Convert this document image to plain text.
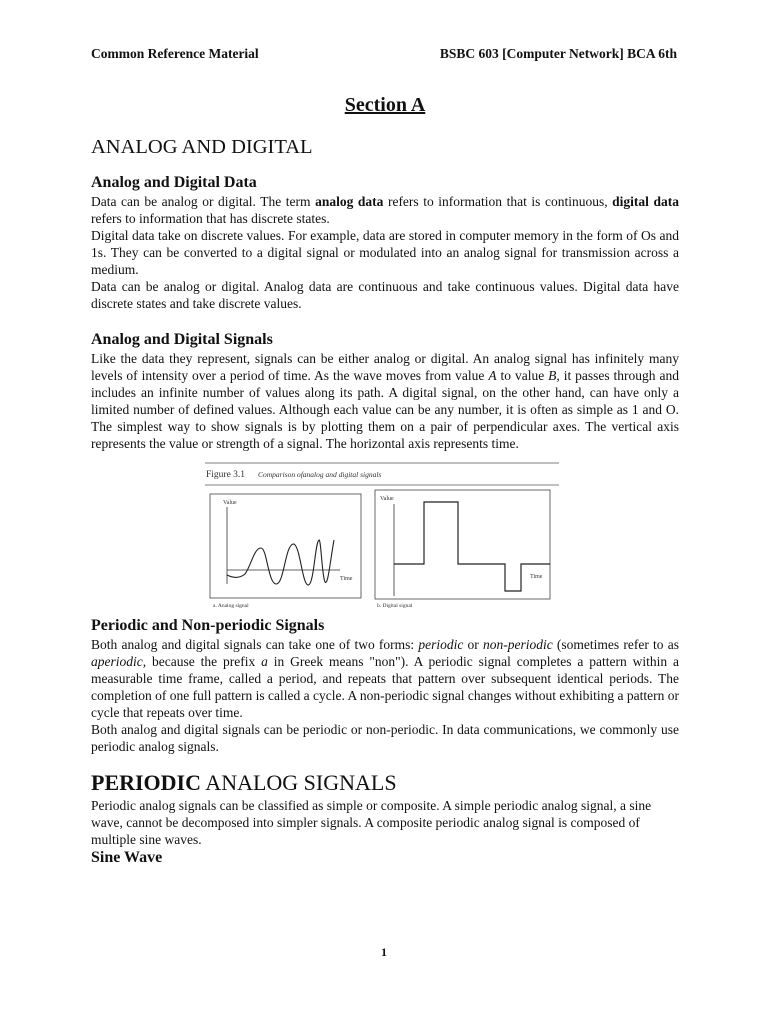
Common Reference Material	BSBC 603 [Computer Network] BCA 6th
Section A
ANALOG AND DIGITAL
Analog and Digital Data

Data can be analog or digital. The term analog data refers to information that is continuous, digital data refers to information that has discrete states.

Digital data take on discrete values. For example, data are stored in computer memory in the form of Os and 1s. They can be converted to a digital signal or modulated into an analog signal for transmission across a medium.

Data can be analog or digital. Analog data are continuous and take continuous values. Digital data have discrete states and take discrete values.

Analog and Digital Signals

Like the data they represent, signals can be either analog or digital. An analog signal has infinitely many levels of intensity over a period of time. As the wave moves from value A to value B, it passes through and includes an infinite number of values along its path. A digital signal, on the other hand, can have only a limited number of defined values. Although each value can be any number, it is often as simple as 1 and O. The simplest way to show signals is by plotting them on a pair of perpendicular axes. The vertical axis represents the value or strength of a signal. The horizontal axis represents time.

Figure 3.1 Comparison ofanalog and digital signals
Value
Time
a. Analog signal
Value
Time
b. Digital signal
Periodic and Non-periodic Signals

Both analog and digital signals can take one of two forms: periodic or non-periodic (sometimes refer to as aperiodic, because the prefix a in Greek means "non"). A periodic signal completes a pattern within a measurable time frame, called a period, and repeats that pattern over subsequent identical periods. The completion of one full pattern is called a cycle. A non-periodic signal changes without exhibiting a pattern or cycle that repeats over time.

Both analog and digital signals can be periodic or non-periodic. In data communications, we commonly use periodic analog signals.

PERIODIC ANALOG SIGNALS

Periodic analog signals can be classified as simple or composite. A simple periodic analog signal, a sine wave, cannot be decomposed into simpler signals. A composite periodic analog signal is composed of multiple sine waves.

Sine Wave
1
